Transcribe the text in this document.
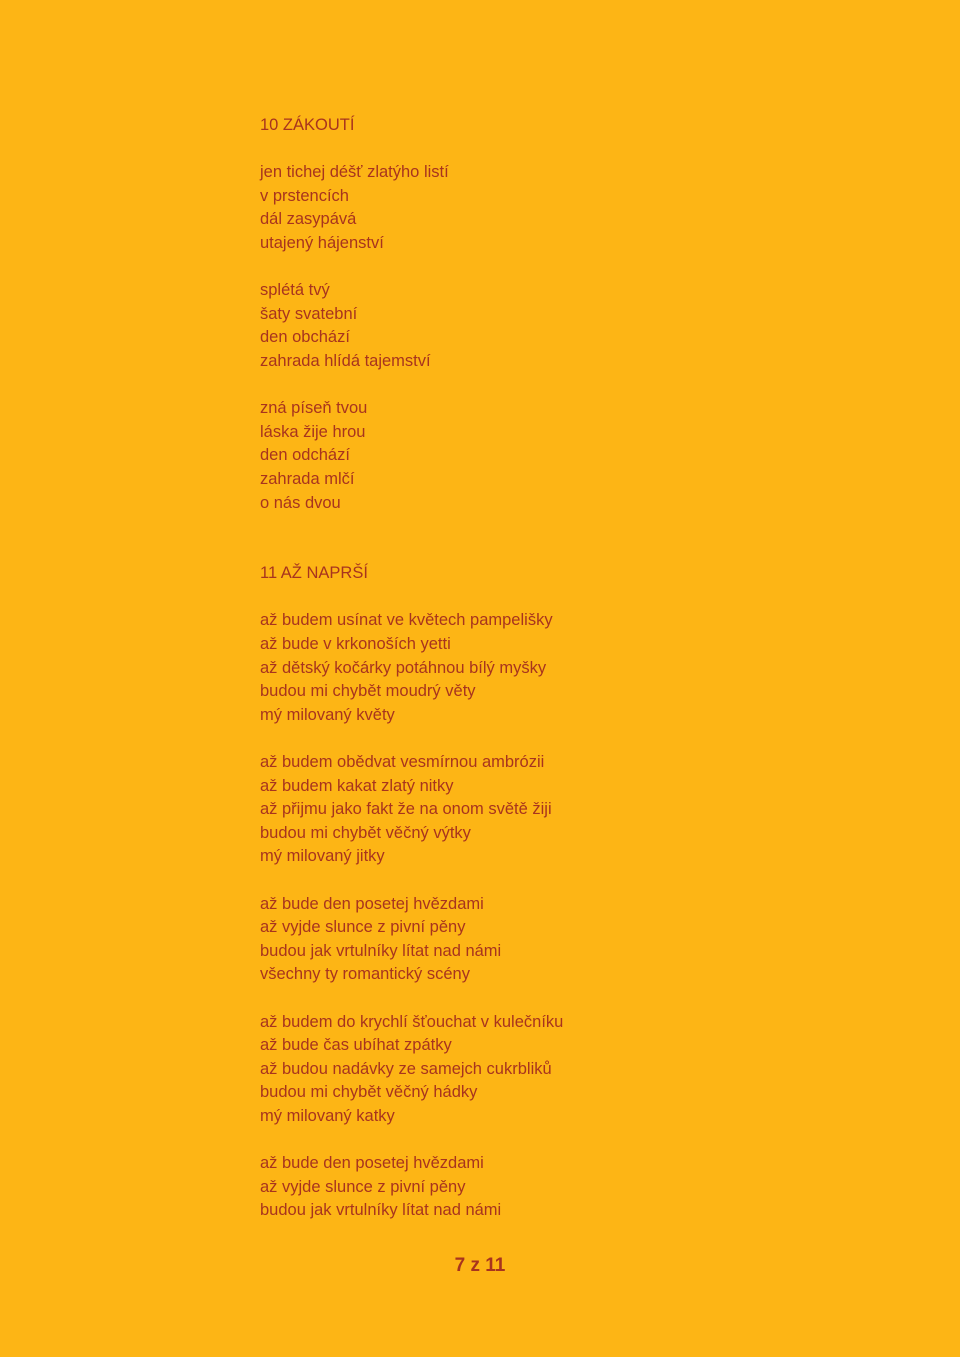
10 ZÁKOUTÍ
jen tichej déšť zlatýho listí
v prstencích
dál zasypává
utajený hájenství
splétá tvý
šaty svatební
den obchází
zahrada hlídá tajemství
zná píseň tvou
láska žije hrou
den odchází
zahrada mlčí
o nás dvou
11 AŽ NAPRŠÍ
až budem usínat ve květech pampelišky
až bude v krkonoších yetti
až dětský kočárky potáhnou bílý myšky
budou mi chybět moudrý věty
mý milovaný květy
až budem obědvat vesmírnou ambrózii
až budem kakat zlatý nitky
až přijmu jako fakt že na onom světě žiji
budou mi chybět věčný výtky
mý milovaný jitky
až bude den posetej hvězdami
až vyjde slunce z pivní pěny
budou jak vrtulníky lítat nad námi
všechny ty romantický scény
až budem do krychlí šťouchat v kulečníku
až bude čas ubíhat zpátky
až budou nadávky ze samejch cukrbliků
budou mi chybět věčný hádky
mý milovaný katky
až bude den posetej hvězdami
až vyjde slunce z pivní pěny
budou jak vrtulníky lítat nad námi
7 z 11
